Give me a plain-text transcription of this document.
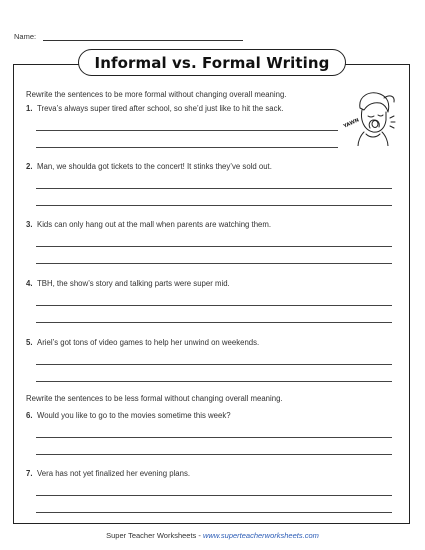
Name:
Informal vs. Formal Writing
Rewrite the sentences to be more formal without changing overall meaning.
1. Treva’s always super tired after school, so she’d just like to hit the sack.
2. Man, we shoulda got tickets to the concert! It stinks they’ve sold out.
3. Kids can only hang out at the mall when parents are watching them.
4. TBH, the show’s story and talking parts were super mid.
5. Ariel’s got tons of video games to help her unwind on weekends.
Rewrite the sentences to be less formal without changing overall meaning.
6. Would you like to go to the movies sometime this week?
7. Vera has not yet finalized her evening plans.
YAWN
Super Teacher Worksheets - www.superteacherworksheets.com
